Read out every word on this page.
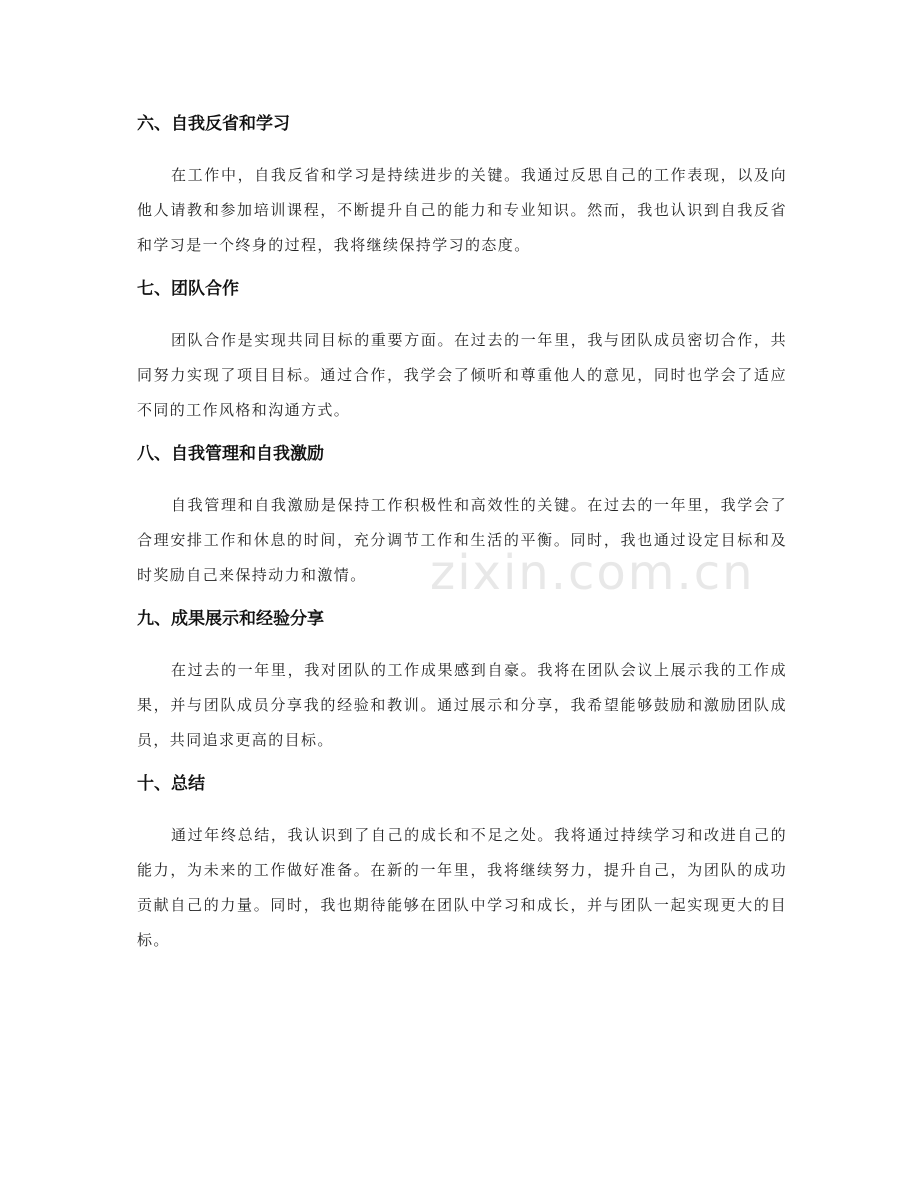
六、自我反省和学习
在工作中，自我反省和学习是持续进步的关键。我通过反思自己的工作表现，以及向他人请教和参加培训课程，不断提升自己的能力和专业知识。然而，我也认识到自我反省和学习是一个终身的过程，我将继续保持学习的态度。
七、团队合作
团队合作是实现共同目标的重要方面。在过去的一年里，我与团队成员密切合作，共同努力实现了项目目标。通过合作，我学会了倾听和尊重他人的意见，同时也学会了适应不同的工作风格和沟通方式。
八、自我管理和自我激励
自我管理和自我激励是保持工作积极性和高效性的关键。在过去的一年里，我学会了合理安排工作和休息的时间，充分调节工作和生活的平衡。同时，我也通过设定目标和及时奖励自己来保持动力和激情。
九、成果展示和经验分享
在过去的一年里，我对团队的工作成果感到自豪。我将在团队会议上展示我的工作成果，并与团队成员分享我的经验和教训。通过展示和分享，我希望能够鼓励和激励团队成员，共同追求更高的目标。
十、总结
通过年终总结，我认识到了自己的成长和不足之处。我将通过持续学习和改进自己的能力，为未来的工作做好准备。在新的一年里，我将继续努力，提升自己，为团队的成功贡献自己的力量。同时，我也期待能够在团队中学习和成长，并与团队一起实现更大的目标。
zixin.com.cn
